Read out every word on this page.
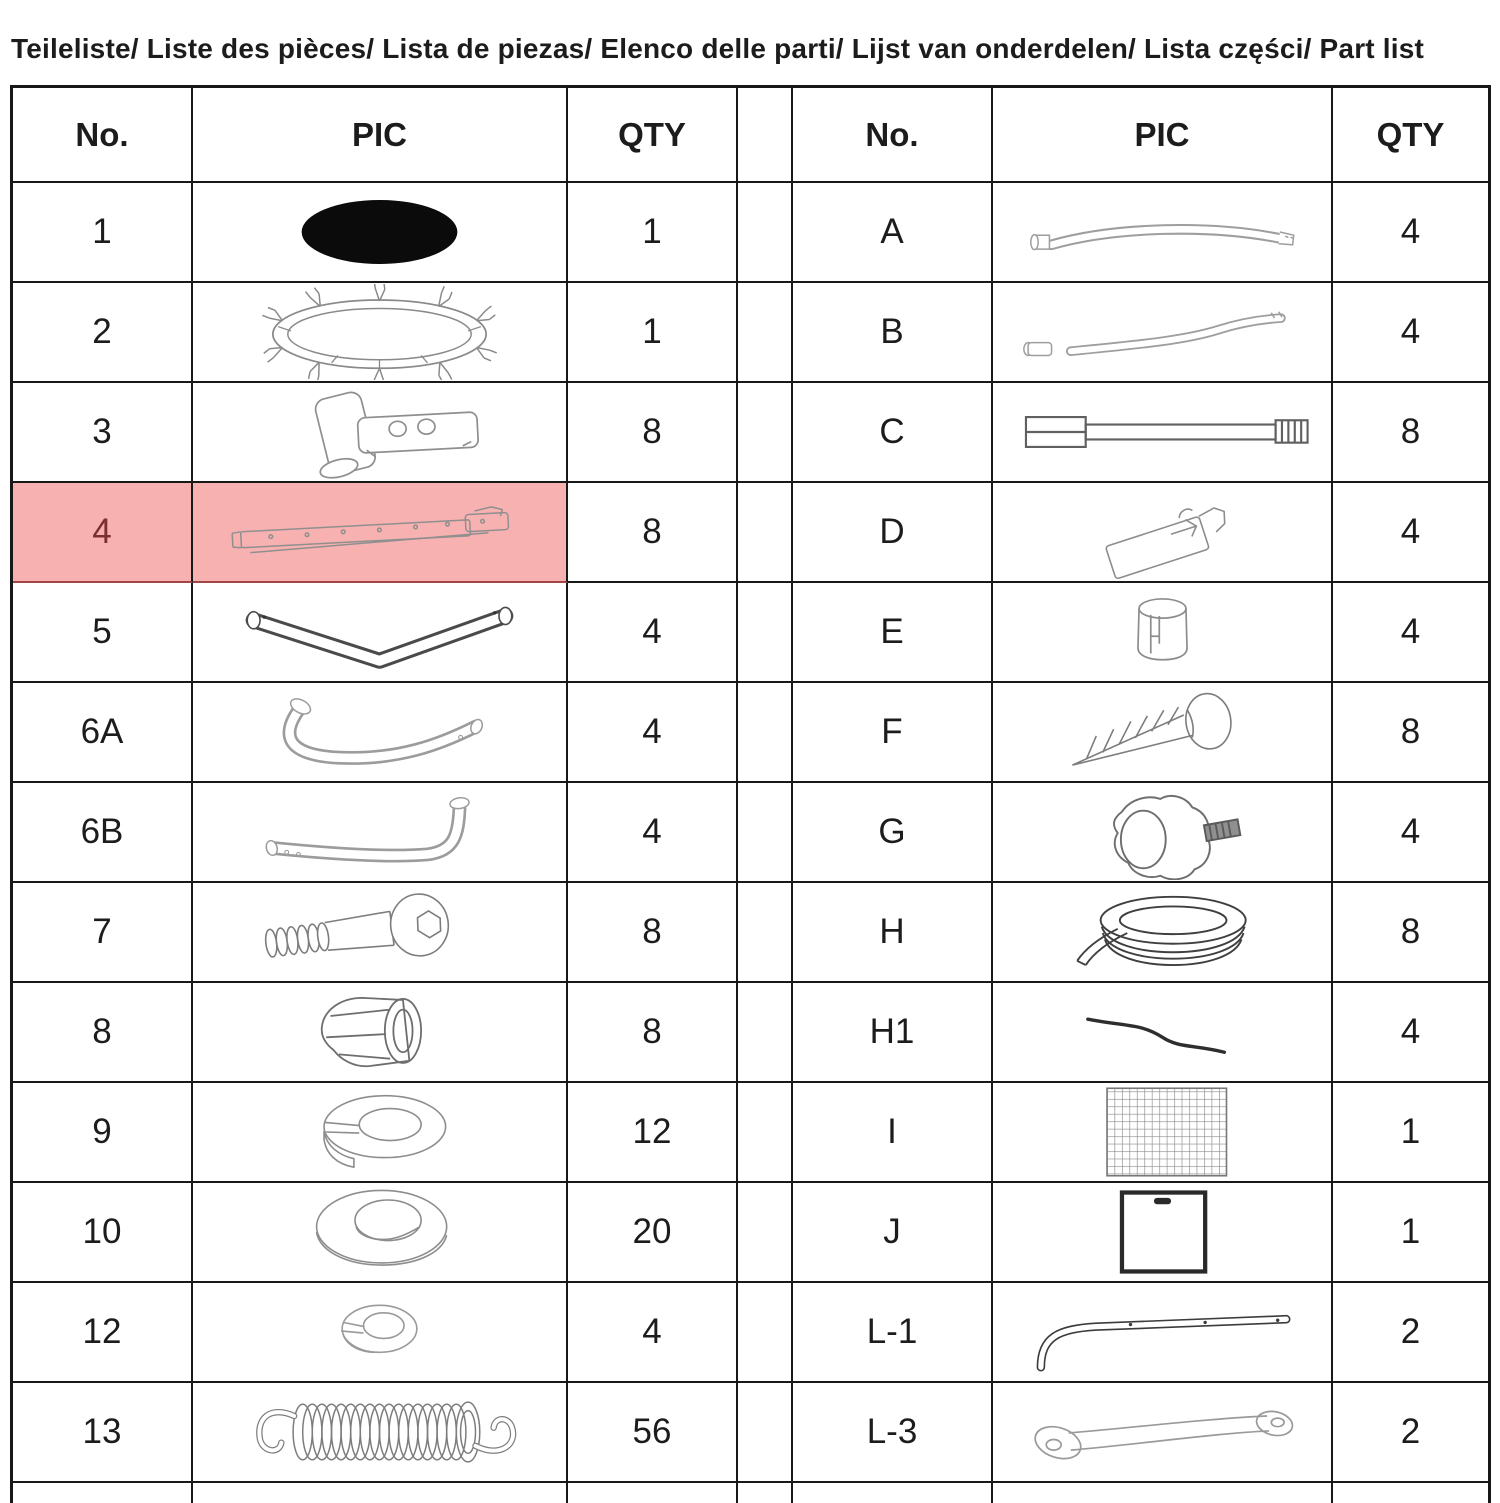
Teileliste/ Liste des pièces/ Lista de piezas/ Elenco delle parti/ Lijst van onderdelen/ Lista części/ Part list
No.	PIC	QTY	No.	PIC	QTY
1	1	A	4
2	1	B	4
3	8	C	8
4	8	D	4
5	4	E	4
6A	4	F	8
6B	4	G	4
7	8	H	8
8	8	H1	4
9	12	I	1
10	20	J	1
12	4	L-1	2
13	56	L-3	2
